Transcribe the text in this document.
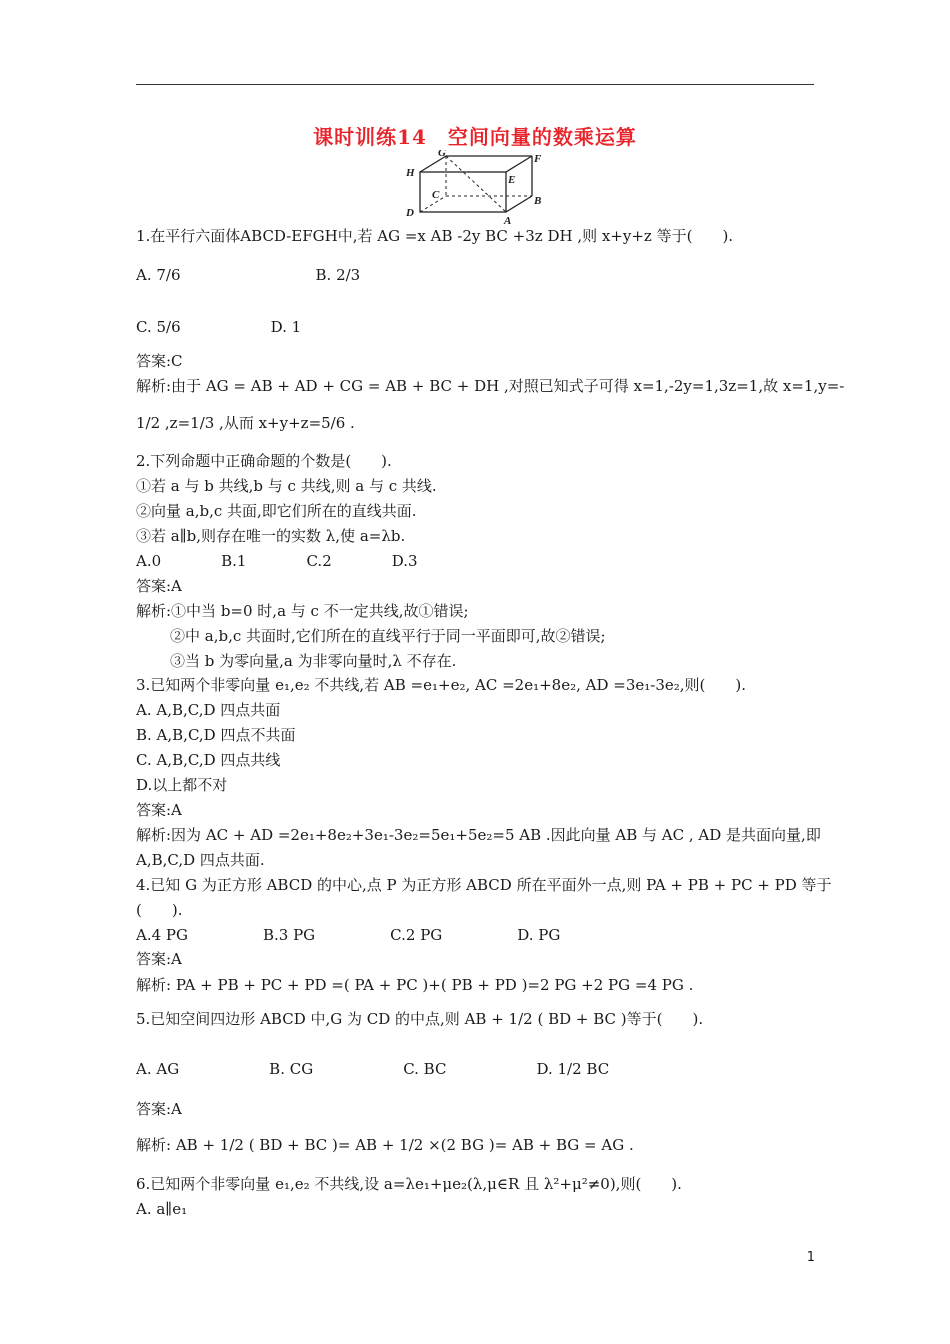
课时训练14　空间向量的数乘运算
G	F
H
E
C	B
D
A
1.在平行六面体ABCD-EFGH中,若 AG =x AB -2y BC +3z DH ,则 x+y+z 等于(　　).
A. 7/6　　　　　　　　　B. 2/3
C. 5/6　　　　　　D. 1
答案:C
解析:由于 AG = AB + AD + CG = AB + BC + DH ,对照已知式子可得 x=1,-2y=1,3z=1,故 x=1,y=-
1/2 ,z=1/3 ,从而 x+y+z=5/6 .
2.下列命题中正确命题的个数是(　　).
①若 a 与 b 共线,b 与 c 共线,则 a 与 c 共线.
②向量 a,b,c 共面,即它们所在的直线共面.
③若 a∥b,则存在唯一的实数 λ,使 a=λb.
A.0　　　　B.1　　　　C.2　　　　D.3
答案:A
解析:①中当 b=0 时,a 与 c 不一定共线,故①错误;
②中 a,b,c 共面时,它们所在的直线平行于同一平面即可,故②错误;
③当 b 为零向量,a 为非零向量时,λ 不存在.
3.已知两个非零向量 e₁,e₂ 不共线,若 AB =e₁+e₂, AC =2e₁+8e₂, AD =3e₁-3e₂,则(　　).
A. A,B,C,D 四点共面
B. A,B,C,D 四点不共面
C. A,B,C,D 四点共线
D.以上都不对
答案:A
解析:因为 AC + AD =2e₁+8e₂+3e₁-3e₂=5e₁+5e₂=5 AB .因此向量 AB 与 AC , AD 是共面向量,即
A,B,C,D 四点共面.
4.已知 G 为正方形 ABCD 的中心,点 P 为正方形 ABCD 所在平面外一点,则 PA + PB + PC + PD 等于
(　　).
A.4 PG　　　　　B.3 PG　　　　　C.2 PG　　　　　D. PG
答案:A
解析: PA + PB + PC + PD =( PA + PC )+( PB + PD )=2 PG +2 PG =4 PG .
5.已知空间四边形 ABCD 中,G 为 CD 的中点,则 AB + 1/2 ( BD + BC )等于(　　).
A. AG　　　　　　B. CG　　　　　　C. BC　　　　　　D. 1/2 BC
答案:A
解析: AB + 1/2 ( BD + BC )= AB + 1/2 ×(2 BG )= AB + BG = AG .
6.已知两个非零向量 e₁,e₂ 不共线,设 a=λe₁+μe₂(λ,μ∈R 且 λ²+μ²≠0),则(　　).
A. a∥e₁
1
